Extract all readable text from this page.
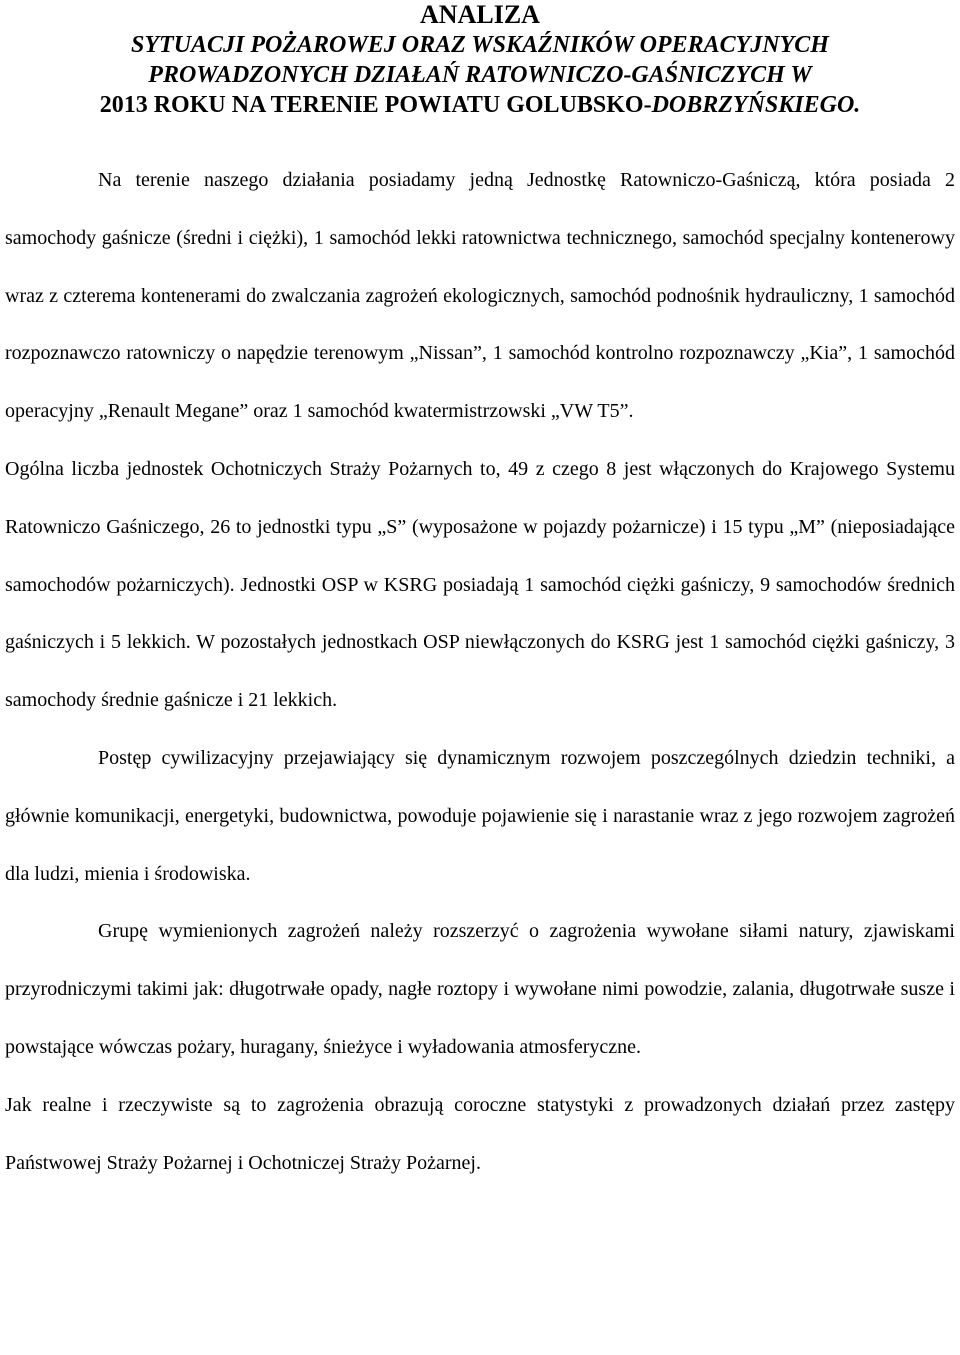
ANALIZA
SYTUACJI POŻAROWEJ ORAZ WSKAŹNIKÓW OPERACYJNYCH
PROWADZONYCH DZIAŁAŃ RATOWNICZO-GAŚNICZYCH W
2013 ROKU NA TERENIE POWIATU GOLUBSKO-DOBRZYŃSKIEGO.

Na terenie naszego działania posiadamy jedną Jednostkę Ratowniczo-Gaśniczą, która posiada 2 samochody gaśnicze (średni i ciężki), 1 samochód lekki ratownictwa technicznego, samochód specjalny kontenerowy wraz z czterema kontenerami do zwalczania zagrożeń ekologicznych, samochód podnośnik hydrauliczny, 1 samochód rozpoznawczo ratowniczy o napędzie terenowym „Nissan”, 1 samochód kontrolno rozpoznawczy „Kia”, 1 samochód operacyjny „Renault Megane” oraz 1 samochód kwatermistrzowski „VW T5”.

Ogólna liczba jednostek Ochotniczych Straży Pożarnych to, 49 z czego 8 jest włączonych do Krajowego Systemu Ratowniczo Gaśniczego, 26 to jednostki typu „S” (wyposażone w pojazdy pożarnicze) i 15 typu „M” (nieposiadające samochodów pożarniczych). Jednostki OSP w KSRG posiadają 1 samochód ciężki gaśniczy, 9 samochodów średnich gaśniczych i 5 lekkich. W pozostałych jednostkach OSP niewłączonych do KSRG jest 1 samochód ciężki gaśniczy, 3 samochody średnie gaśnicze i 21 lekkich.

Postęp cywilizacyjny przejawiający się dynamicznym rozwojem poszczególnych dziedzin techniki, a głównie komunikacji, energetyki, budownictwa, powoduje pojawienie się i narastanie wraz z jego rozwojem zagrożeń dla ludzi, mienia i środowiska.

Grupę wymienionych zagrożeń należy rozszerzyć o zagrożenia wywołane siłami natury, zjawiskami przyrodniczymi takimi jak: długotrwałe opady, nagłe roztopy i wywołane nimi powodzie, zalania, długotrwałe susze i powstające wówczas pożary, huragany, śnieżyce i wyładowania atmosferyczne.

Jak realne i rzeczywiste są to zagrożenia obrazują coroczne statystyki z prowadzonych działań przez zastępy Państwowej Straży Pożarnej i Ochotniczej Straży Pożarnej.
